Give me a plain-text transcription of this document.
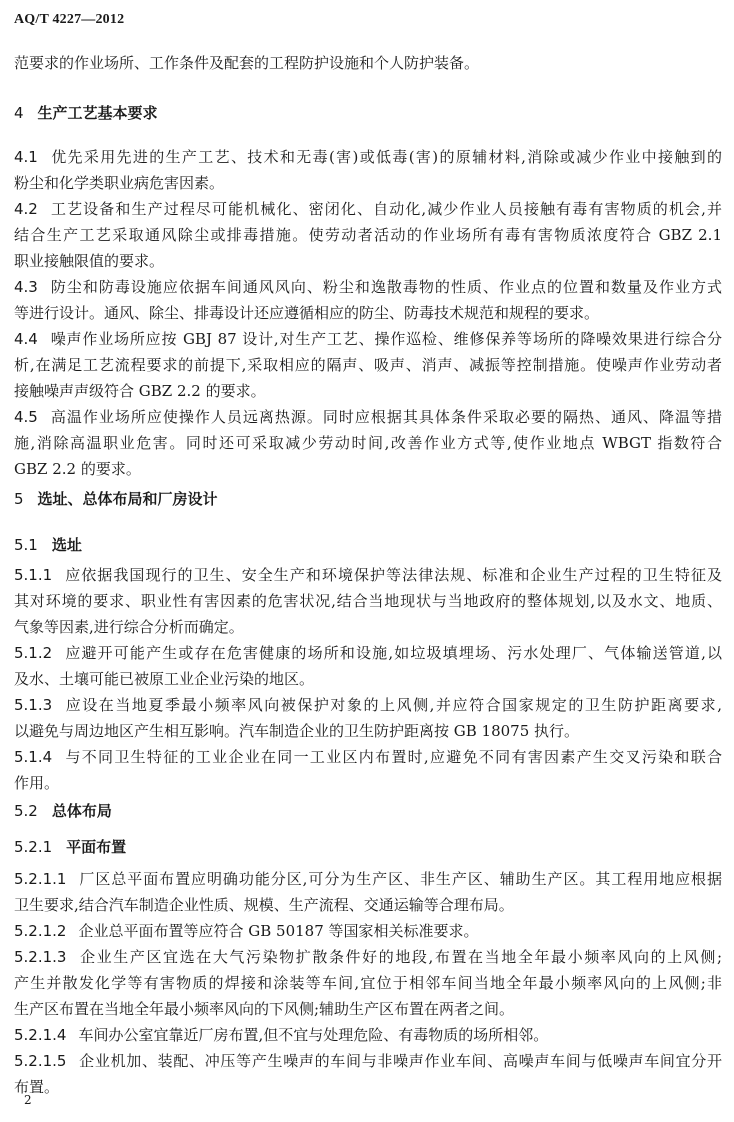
AQ/T 4227—2012
范要求的作业场所、工作条件及配套的工程防护设施和个人防护装备。
4 生产工艺基本要求
4.1 优先采用先进的生产工艺、技术和无毒(害)或低毒(害)的原辅材料,消除或减少作业中接触到的
粉尘和化学类职业病危害因素。
4.2 工艺设备和生产过程尽可能机械化、密闭化、自动化,减少作业人员接触有毒有害物质的机会,并
结合生产工艺采取通风除尘或排毒措施。使劳动者活动的作业场所有毒有害物质浓度符合 GBZ 2.1
职业接触限值的要求。
4.3 防尘和防毒设施应依据车间通风风向、粉尘和逸散毒物的性质、作业点的位置和数量及作业方式
等进行设计。通风、除尘、排毒设计还应遵循相应的防尘、防毒技术规范和规程的要求。
4.4 噪声作业场所应按 GBJ 87 设计,对生产工艺、操作巡检、维修保养等场所的降噪效果进行综合分
析,在满足工艺流程要求的前提下,采取相应的隔声、吸声、消声、减振等控制措施。使噪声作业劳动者
接触噪声声级符合 GBZ 2.2 的要求。
4.5 高温作业场所应使操作人员远离热源。同时应根据其具体条件采取必要的隔热、通风、降温等措
施,消除高温职业危害。同时还可采取减少劳动时间,改善作业方式等,使作业地点 WBGT 指数符合
GBZ 2.2 的要求。
5 选址、总体布局和厂房设计
5.1 选址
5.1.1 应依据我国现行的卫生、安全生产和环境保护等法律法规、标准和企业生产过程的卫生特征及
其对环境的要求、职业性有害因素的危害状况,结合当地现状与当地政府的整体规划,以及水文、地质、
气象等因素,进行综合分析而确定。
5.1.2 应避开可能产生或存在危害健康的场所和设施,如垃圾填埋场、污水处理厂、气体输送管道,以
及水、土壤可能已被原工业企业污染的地区。
5.1.3 应设在当地夏季最小频率风向被保护对象的上风侧,并应符合国家规定的卫生防护距离要求,
以避免与周边地区产生相互影响。汽车制造企业的卫生防护距离按 GB 18075 执行。
5.1.4 与不同卫生特征的工业企业在同一工业区内布置时,应避免不同有害因素产生交叉污染和联合
作用。
5.2 总体布局
5.2.1 平面布置
5.2.1.1 厂区总平面布置应明确功能分区,可分为生产区、非生产区、辅助生产区。其工程用地应根据
卫生要求,结合汽车制造企业性质、规模、生产流程、交通运输等合理布局。
5.2.1.2 企业总平面布置等应符合 GB 50187 等国家相关标准要求。
5.2.1.3 企业生产区宜选在大气污染物扩散条件好的地段,布置在当地全年最小频率风向的上风侧;
产生并散发化学等有害物质的焊接和涂装等车间,宜位于相邻车间当地全年最小频率风向的上风侧;非
生产区布置在当地全年最小频率风向的下风侧;辅助生产区布置在两者之间。
5.2.1.4 车间办公室宜靠近厂房布置,但不宜与处理危险、有毒物质的场所相邻。
5.2.1.5 企业机加、装配、冲压等产生噪声的车间与非噪声作业车间、高噪声车间与低噪声车间宜分开
布置。
2
